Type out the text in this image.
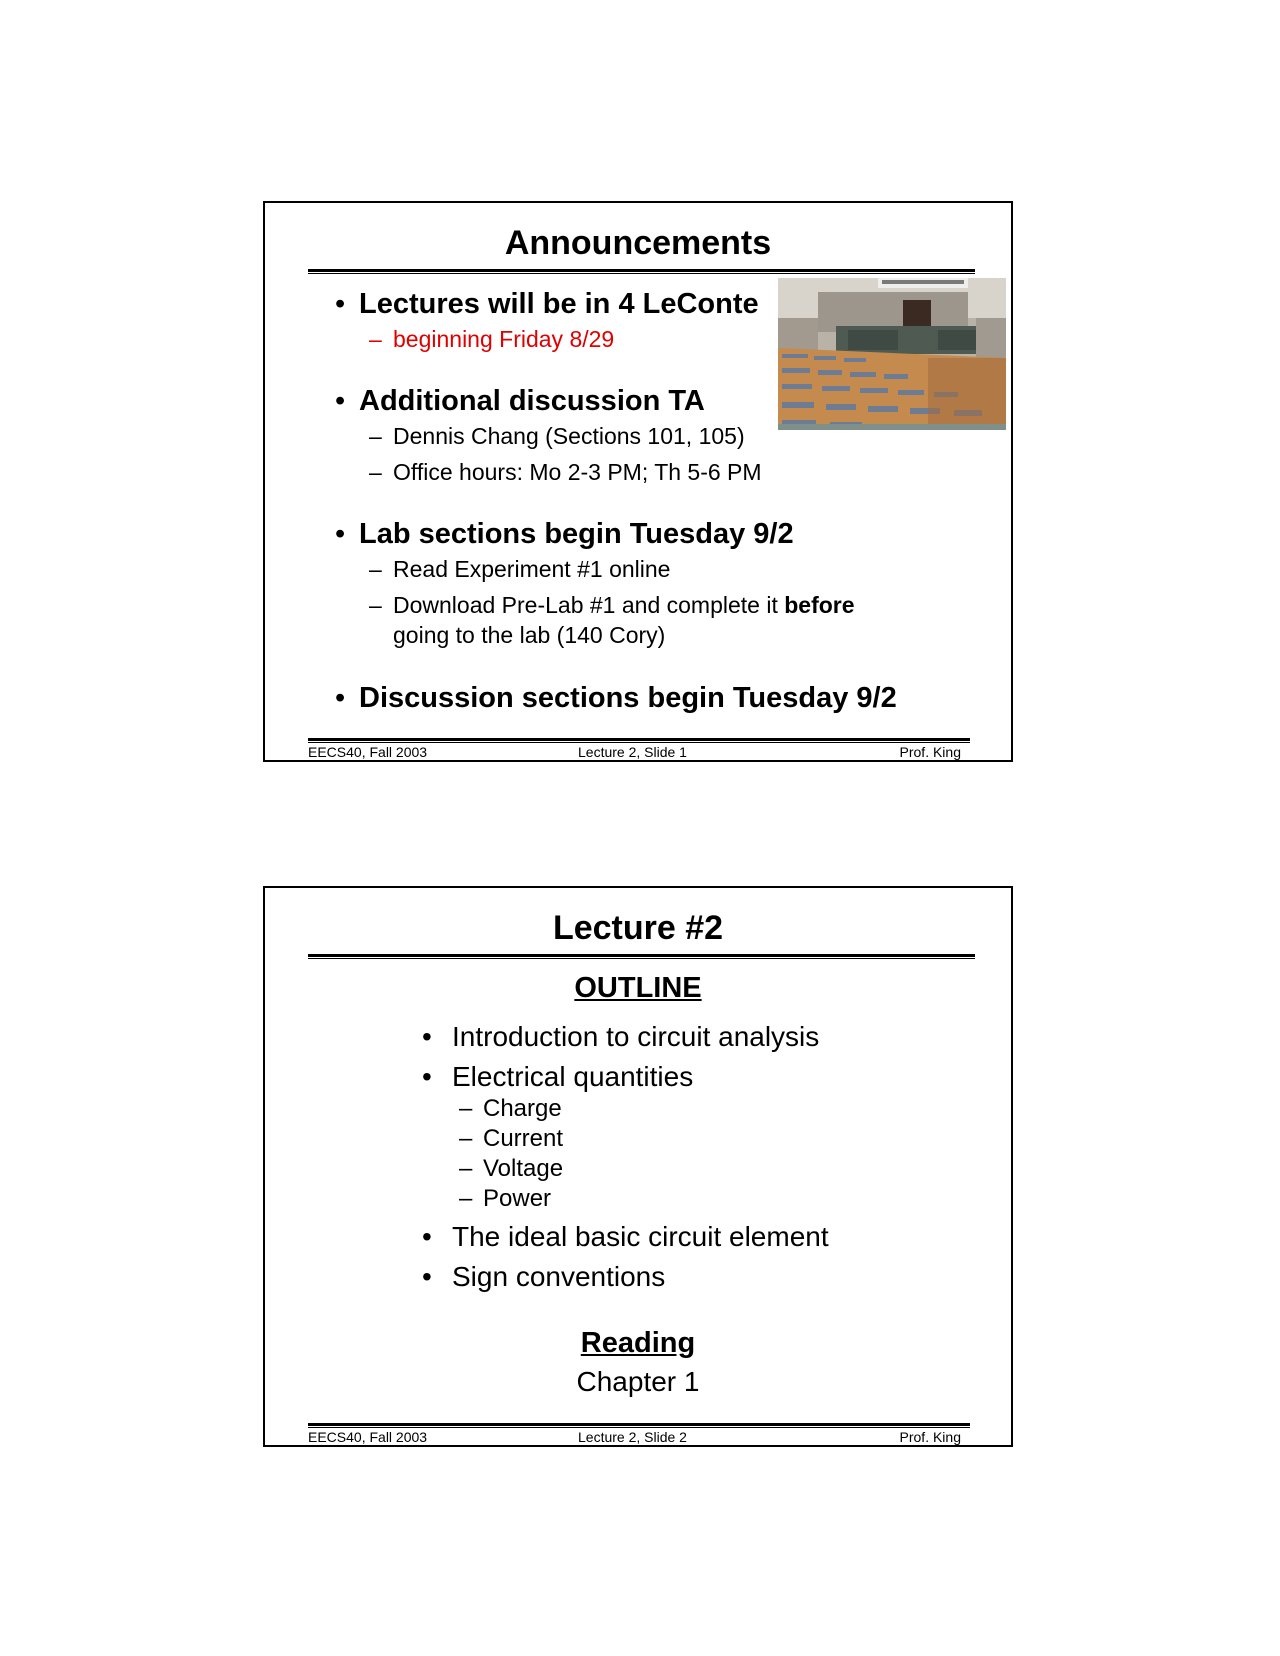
Announcements
• Lectures will be in 4 LeConte
– beginning Friday 8/29
• Additional discussion TA
– Dennis Chang (Sections 101, 105)
– Office hours: Mo 2-3 PM; Th 5-6 PM
• Lab sections begin Tuesday 9/2
– Read Experiment #1 online
– Download Pre-Lab #1 and complete it before
going to the lab (140 Cory)
• Discussion sections begin Tuesday 9/2
EECS40, Fall 2003	Lecture 2, Slide 1	Prof. King
Lecture #2
OUTLINE
• Introduction to circuit analysis
• Electrical quantities
– Charge
– Current
– Voltage
– Power
• The ideal basic circuit element
• Sign conventions
Reading
Chapter 1
EECS40, Fall 2003	Lecture 2, Slide 2	Prof. King
